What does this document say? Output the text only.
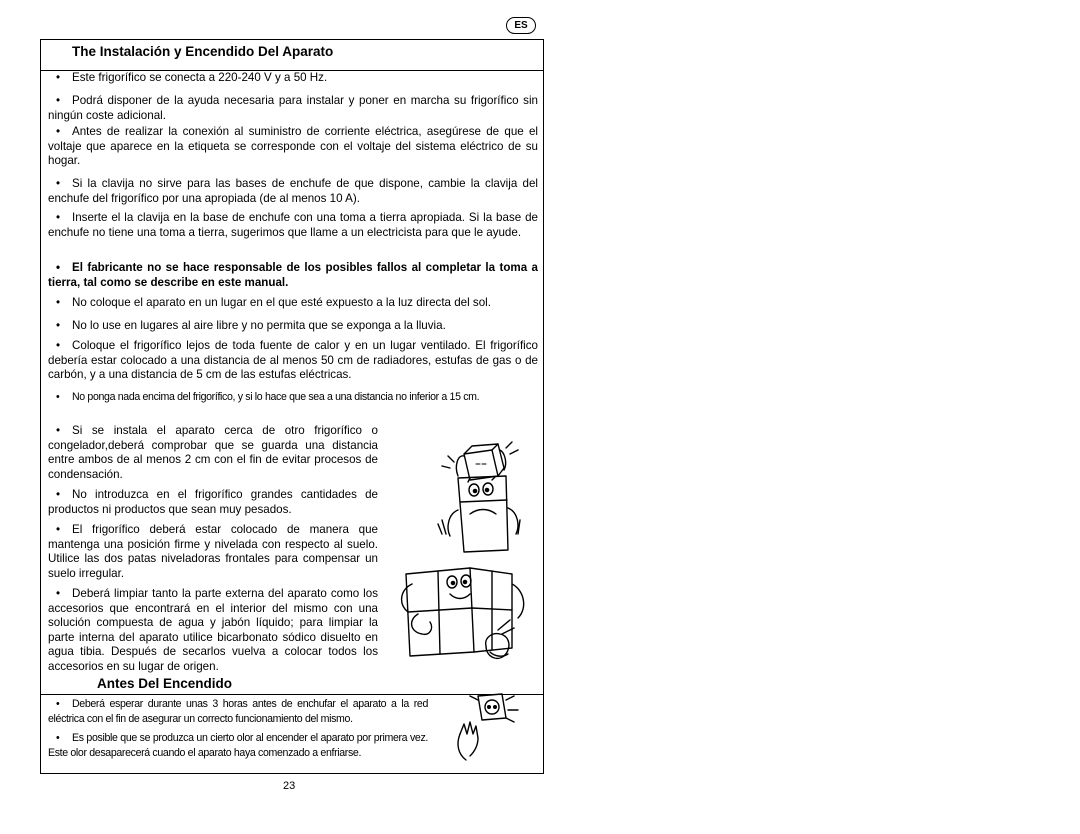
ES
The Instalación y Encendido Del Aparato

• Este frigorífico se conecta a 220-240 V y a 50 Hz.

• Podrá disponer de la ayuda necesaria para instalar y poner en marcha su frigorífico sin ningún coste adicional.

• Antes de realizar la conexión al suministro de corriente eléctrica, asegúrese de que el voltaje que aparece en la etiqueta se corresponde con el voltaje del sistema eléctrico de su hogar.

• Si la clavija no sirve para las bases de enchufe de que dispone, cambie la clavija del enchufe del frigorífico por una apropiada (de al menos 10 A).

• Inserte el la clavija en la base de enchufe con una toma a tierra apropiada. Si la base de enchufe no tiene una toma a tierra, sugerimos que llame a un electricista para que le ayude.

• El fabricante no se hace responsable de los posibles fallos al completar la toma a tierra, tal como se describe en este manual.

• No coloque el aparato en un lugar en el que esté expuesto a la luz directa del sol.

• No lo use en lugares al aire libre y no permita que se exponga a la lluvia.

• Coloque el frigorífico lejos de toda fuente de calor y en un lugar ventilado. El frigorífico debería estar colocado a una distancia de al menos 50 cm de radiadores, estufas de gas o de carbón, y a una distancia de 5 cm de las estufas eléctricas.

• No ponga nada encima del frigorífico, y si lo hace que sea a una distancia no inferior a 15 cm.

• Si se instala el aparato cerca de otro frigorífico o congelador,deberá comprobar que se guarda una distancia entre ambos de al menos 2 cm con el fin de evitar procesos de condensación.

• No introduzca en el frigorífico grandes cantidades de productos ni productos que sean muy pesados.

• El frigorífico deberá estar colocado de manera que mantenga una posición firme y nivelada con respecto al suelo. Utilice las dos patas niveladoras frontales para compensar un suelo irregular.

• Deberá limpiar tanto la parte externa del aparato como los accesorios que encontrará en el interior del mismo con una solución compuesta de agua y jabón líquido; para limpiar la parte interna del aparato utilice bicarbonato sódico disuelto en agua tibia. Después de secarlos vuelva a colocar todos los accesorios en su lugar de origen.

Antes Del Encendido

• Deberá esperar durante unas 3 horas antes de enchufar el aparato a la red eléctrica con el fin de asegurar un correcto funcionamiento del mismo.

• Es posible que se produzca un cierto olor al encender el aparato por primera vez. Este olor desaparecerá cuando el aparato haya comenzado a enfriarse.

23
